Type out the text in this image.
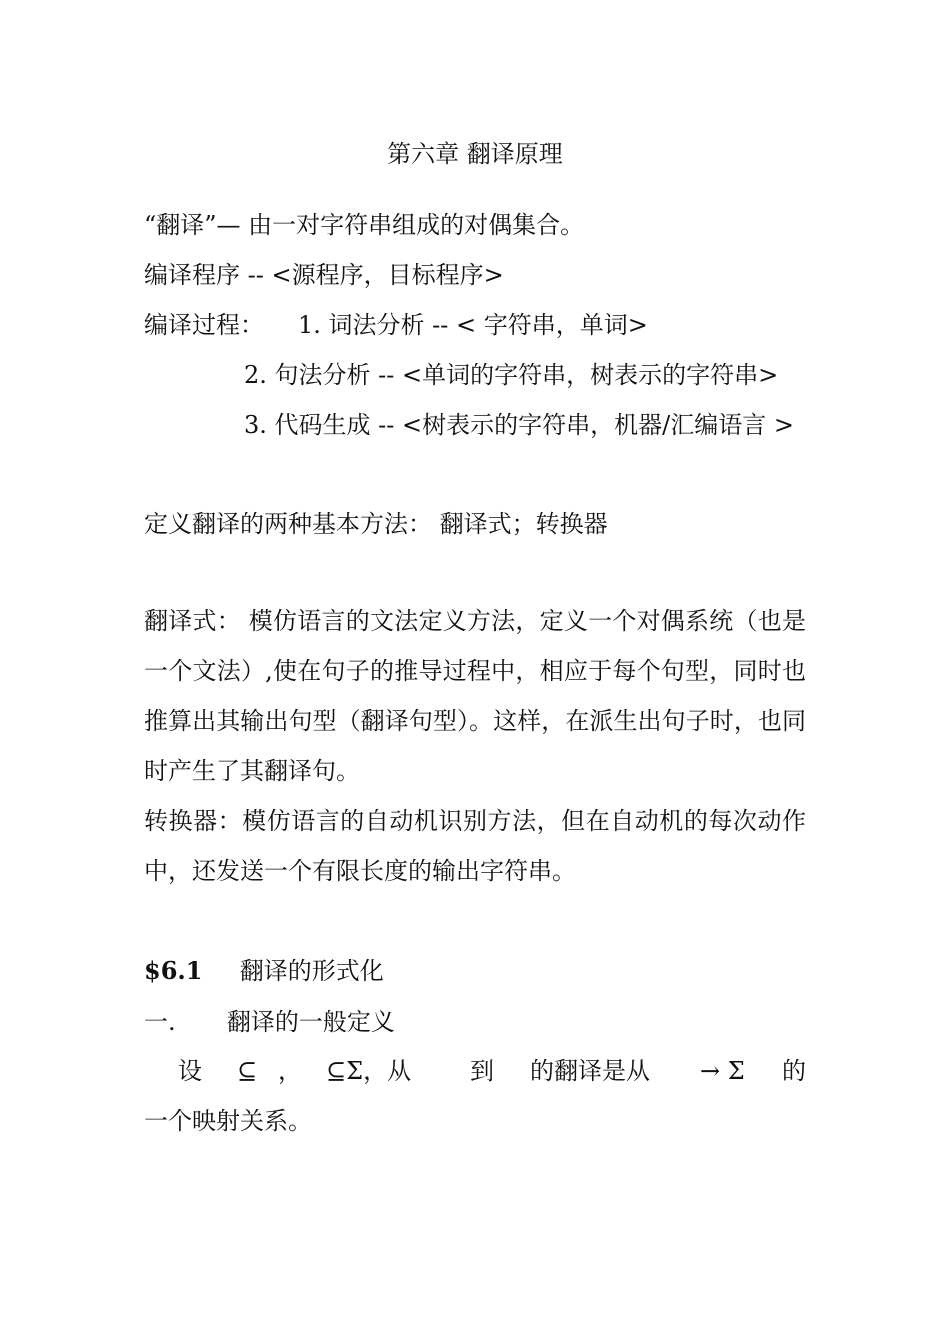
第六章 翻译原理
“翻译”— 由一对字符串组成的对偶集合。
编译程序 -- <源程序，目标程序>
编译过程： 1. 词法分析 -- < 字符串，单词>
2. 句法分析 -- <单词的字符串，树表示的字符串>
3. 代码生成 -- <树表示的字符串，机器/汇编语言 >
定义翻译的两种基本方法： 翻译式；转换器
翻译式： 模仿语言的文法定义方法，定义一个对偶系统（也是一个文法）,使在句子的推导过程中，相应于每个句型，同时也推算出其输出句型（翻译句型）。这样，在派生出句子时，也同时产生了其翻译句。
转换器：模仿语言的自动机识别方法，但在自动机的每次动作中，还发送一个有限长度的输出字符串。
$6.1 翻译的形式化
一. 翻译的一般定义
设 ⊆ ， ⊆Σ，从 到 的翻译是从 → Σ 的
一个映射关系。
